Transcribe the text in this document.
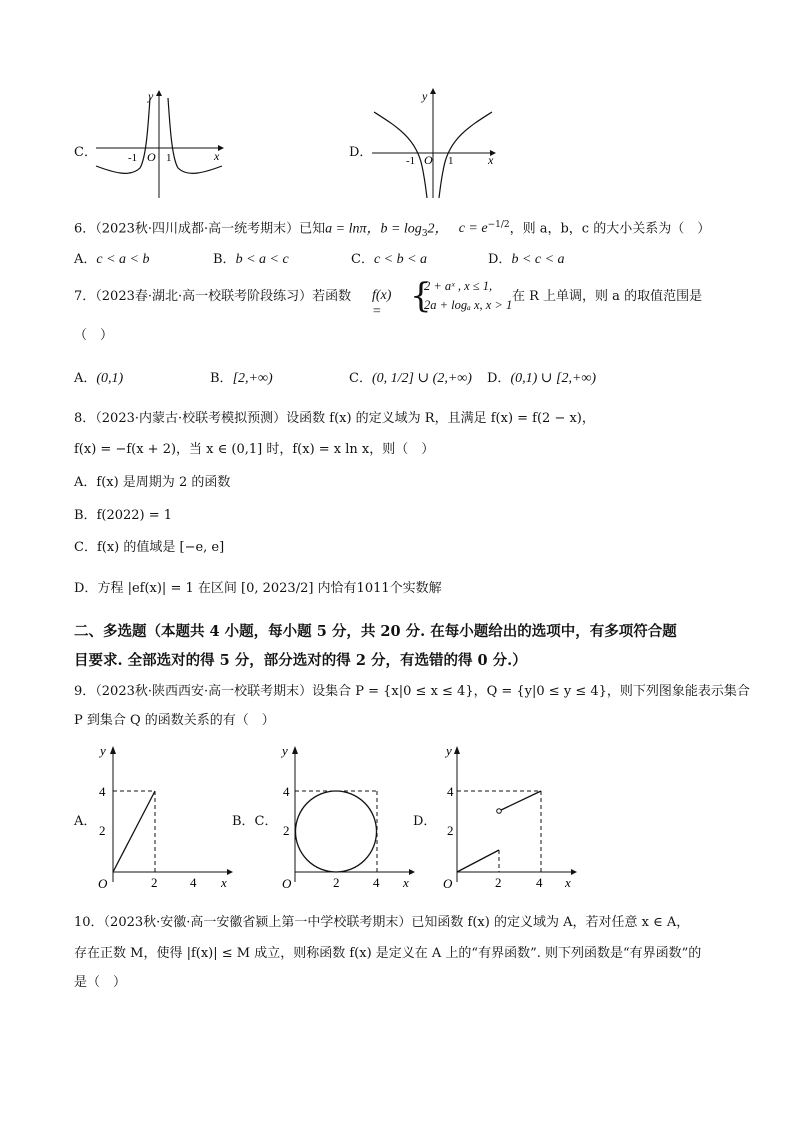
C．
y
x
O
-1	1	D．
y
x
O
-1	1
6．（2023秋·四川成都·高一统考期末）已知a = lnπ，$b = \log_32$， $c = e^{-1/2}$，则 a，b，c 的大小关系为（　）
A．c < a < b	B．b < a < c	C．c < b < a	D．b < c < a
7．（2023春·湖北·高一校联考阶段练习）若函数 f(x) = {
2 + aˣ , x ≤ 1,
2a + logₐ x, x > 1
在 R 上单调，则 a 的取值范围是
（　）
A．(0,1)	B．[2,+∞)	C．(0, 1/2] ∪ (2,+∞) D．(0,1) ∪ [2,+∞)
8．（2023·内蒙古·校联考模拟预测）设函数 f(x) 的定义域为 R，且满足 f(x) = f(2 − x)，
f(x) = −f(x + 2)，当 x ∈ (0,1] 时，f(x) = x ln x，则（　）
A．f(x) 是周期为 2 的函数
B．f(2022) = 1
C．f(x) 的值域是 [−e, e]
D．方程 |ef(x)| = 1 在区间 [0, 2023/2] 内恰有1011个实数解
二、多选题（本题共 4 小题，每小题 5 分，共 20 分. 在每小题给出的选项中，有多项符合题
目要求. 全部选对的得 5 分，部分选对的得 2 分，有选错的得 0 分.）
9．（2023秋·陕西西安·高一校联考期末）设集合 P = {x|0 ≤ x ≤ 4}，Q = {y|0 ≤ y ≤ 4}，则下列图象能表示集合
P 到集合 Q 的函数关系的有（　）
A．
y
x
O
4
2
2	4
B．C．
y
x
O
4
2
2	4
D．
y
x
O
4
2
2	4
10．（2023秋·安徽·高一安徽省颍上第一中学校联考期末）已知函数 f(x) 的定义域为 A，若对任意 x ∈ A，
存在正数 M，使得 |f(x)| ≤ M 成立，则称函数 f(x) 是定义在 A 上的“有界函数”. 则下列函数是“有界函数”的
是（　）
